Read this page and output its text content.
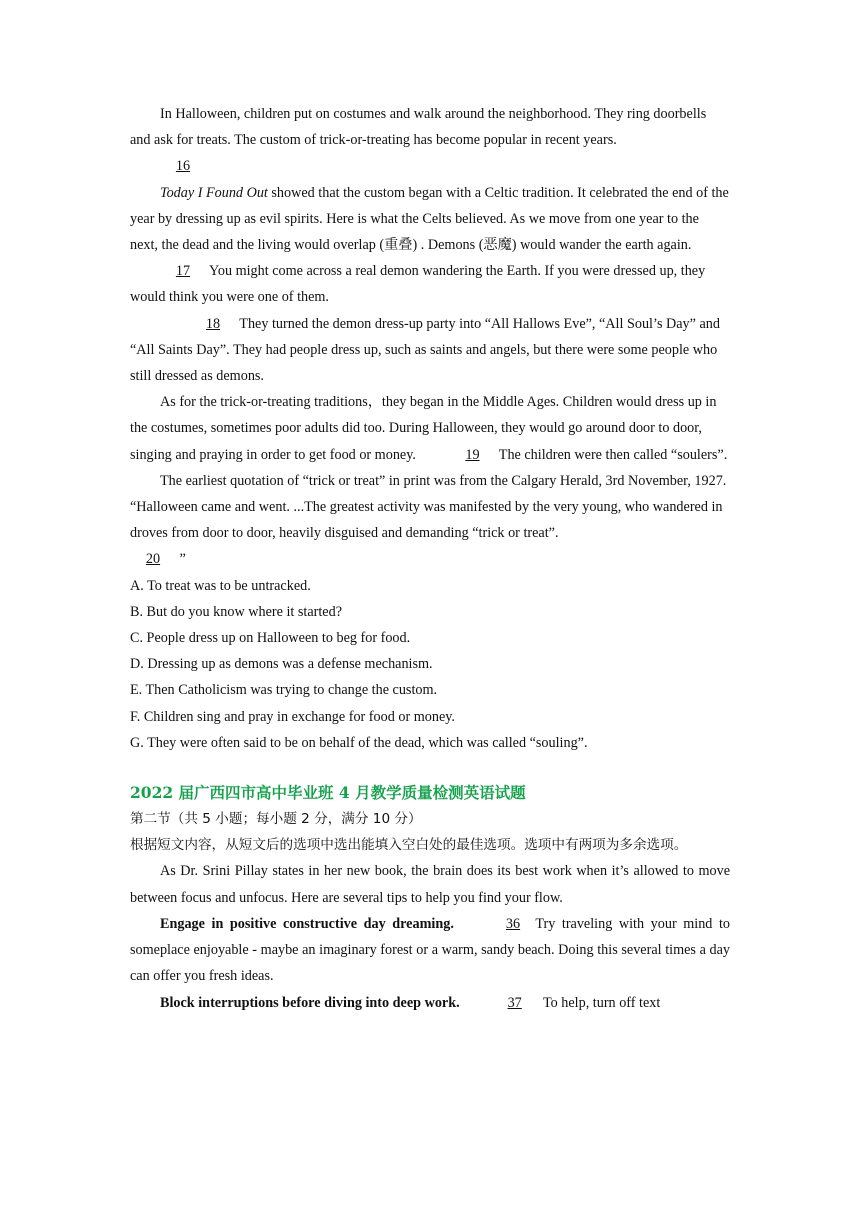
In Halloween, children put on costumes and walk around the neighborhood. They ring doorbells and ask for treats. The custom of trick-or-treating has become popular in recent years.
16

Today I Found Out showed that the custom began with a Celtic tradition. It celebrated the end of the year by dressing up as evil spirits. Here is what the Celts believed. As we move from one year to the next, the dead and the living would overlap (重叠) . Demons (恶魔) would wander the earth again. 17 You might come across a real demon wandering the Earth. If you were dressed up, they would think you were one of them.

18 They turned the demon dress-up party into “All Hallows Eve”, “All Soul’s Day” and “All Saints Day”. They had people dress up, such as saints and angels, but there were some people who still dressed as demons.

As for the trick-or-treating traditions，they began in the Middle Ages. Children would dress up in the costumes, sometimes poor adults did too. During Halloween, they would go around door to door, singing and praying in order to get food or money.	19 The children were then called “soulers”.

The earliest quotation of “trick or treat” in print was from the Calgary Herald, 3rd November, 1927. “Halloween came and went. ...The greatest activity was manifested by the very young, who wandered in droves from door to door, heavily disguised and demanding “trick or treat”.
20 ”

A. To treat was to be untracked.

B. But do you know where it started?

C. People dress up on Halloween to beg for food.

D. Dressing up as demons was a defense mechanism.

E. Then Catholicism was trying to change the custom.

F. Children sing and pray in exchange for food or money.

G. They were often said to be on behalf of the dead, which was called “souling”.

2022 届广西四市高中毕业班 4 月教学质量检测英语试题

第二节（共 5 小题；每小题 2 分，满分 10 分）

根据短文内容，从短文后的选项中选出能填入空白处的最佳选项。选项中有两项为多余选项。

As Dr. Srini Pillay states in her new book, the brain does its best work when it’s allowed to move between focus and unfocus. Here are several tips to help you find your flow.

Engage in positive constructive day dreaming.	36 Try traveling with your mind to someplace enjoyable - maybe an imaginary forest or a warm, sandy beach. Doing this several times a day can offer you fresh ideas.

Block interruptions before diving into deep work.	37 To help, turn off text
